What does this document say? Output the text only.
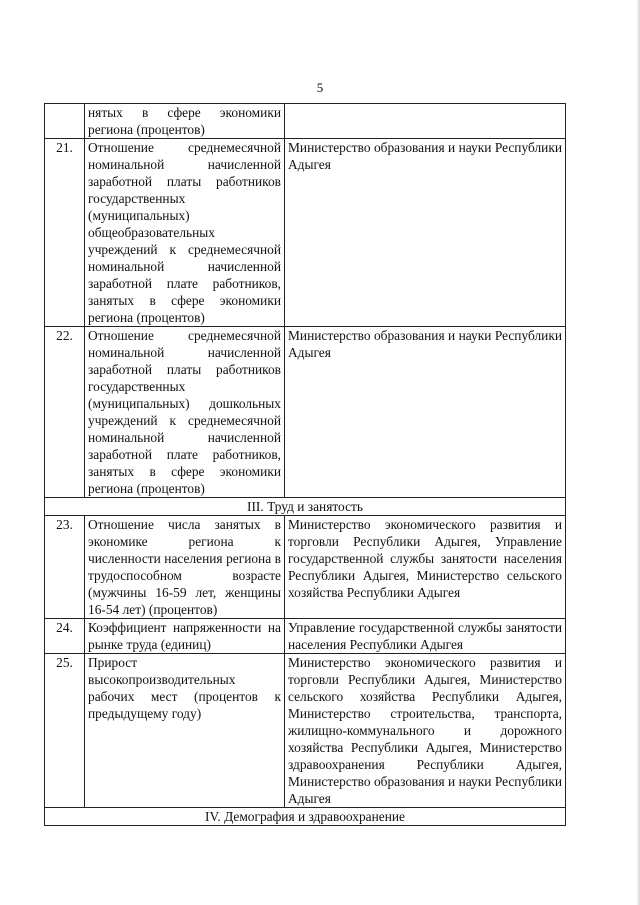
5
	нятых в сфере экономики региона (процентов)	
21.	Отношение среднемесячной номинальной начисленной заработной платы работников государственных (муниципальных) общеобразовательных учреждений к среднемесячной номинальной начисленной заработной плате работников, занятых в сфере экономики региона (процентов)	Министерство образования и науки Республики Адыгея
22.	Отношение среднемесячной номинальной начисленной заработной платы работников государственных (муниципальных) дошкольных учреждений к среднемесячной номинальной начисленной заработной плате работников, занятых в сфере экономики региона (процентов)	Министерство образования и науки Республики Адыгея
III. Труд и занятость		
23.	Отношение числа занятых в экономике региона к численности населения региона в трудоспособном возрасте (мужчины 16-59 лет, женщины 16-54 лет) (процентов)	Министерство экономического развития и торговли Республики Адыгея, Управление государственной службы занятости населения Республики Адыгея, Министерство сельского хозяйства Республики Адыгея
24.	Коэффициент напряженности на рынке труда (единиц)	Управление государственной службы занятости населения Республики Адыгея
25.	Прирост высокопроизводительных рабочих мест (процентов к предыдущему году)	Министерство экономического развития и торговли Республики Адыгея, Министерство сельского хозяйства Республики Адыгея, Министерство строительства, транспорта, жилищно-коммунального и дорожного хозяйства Республики Адыгея, Министерство здравоохранения Республики Адыгея, Министерство образования и науки Республики Адыгея
IV. Демография и здравоохранение		
